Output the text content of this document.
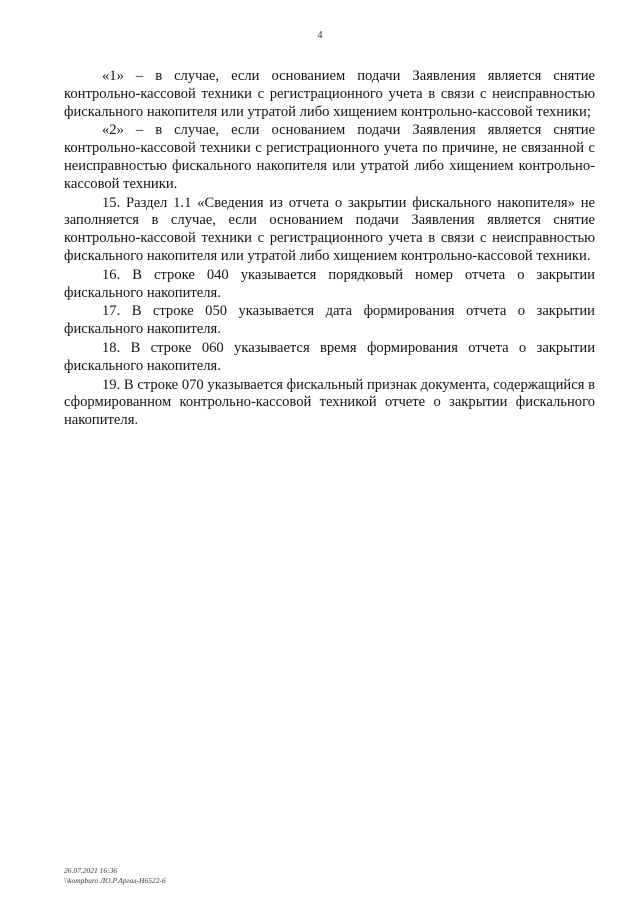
4

«1» – в случае, если основанием подачи Заявления является снятие контрольно-кассовой техники с регистрационного учета в связи с неисправностью фискального накопителя или утратой либо хищением контрольно-кассовой техники;

«2» – в случае, если основанием подачи Заявления является снятие контрольно-кассовой техники с регистрационного учета по причине, не связанной с неисправностью фискального накопителя или утратой либо хищением контрольно-кассовой техники.

15. Раздел 1.1 «Сведения из отчета о закрытии фискального накопителя» не заполняется в случае, если основанием подачи Заявления является снятие контрольно-кассовой техники с регистрационного учета в связи с неисправностью фискального накопителя или утратой либо хищением контрольно-кассовой техники.

16. В строке 040 указывается порядковый номер отчета о закрытии фискального накопителя.

17. В строке 050 указывается дата формирования отчета о закрытии фискального накопителя.

18. В строке 060 указывается время формирования отчета о закрытии фискального накопителя.

19. В строке 070 указывается фискальный признак документа, содержащийся в сформированном контрольно-кассовой техникой отчете о закрытии фискального накопителя.

26.07.2021 16:36
\\kompburo ЛО.Р.Аргал-Н6522-6
